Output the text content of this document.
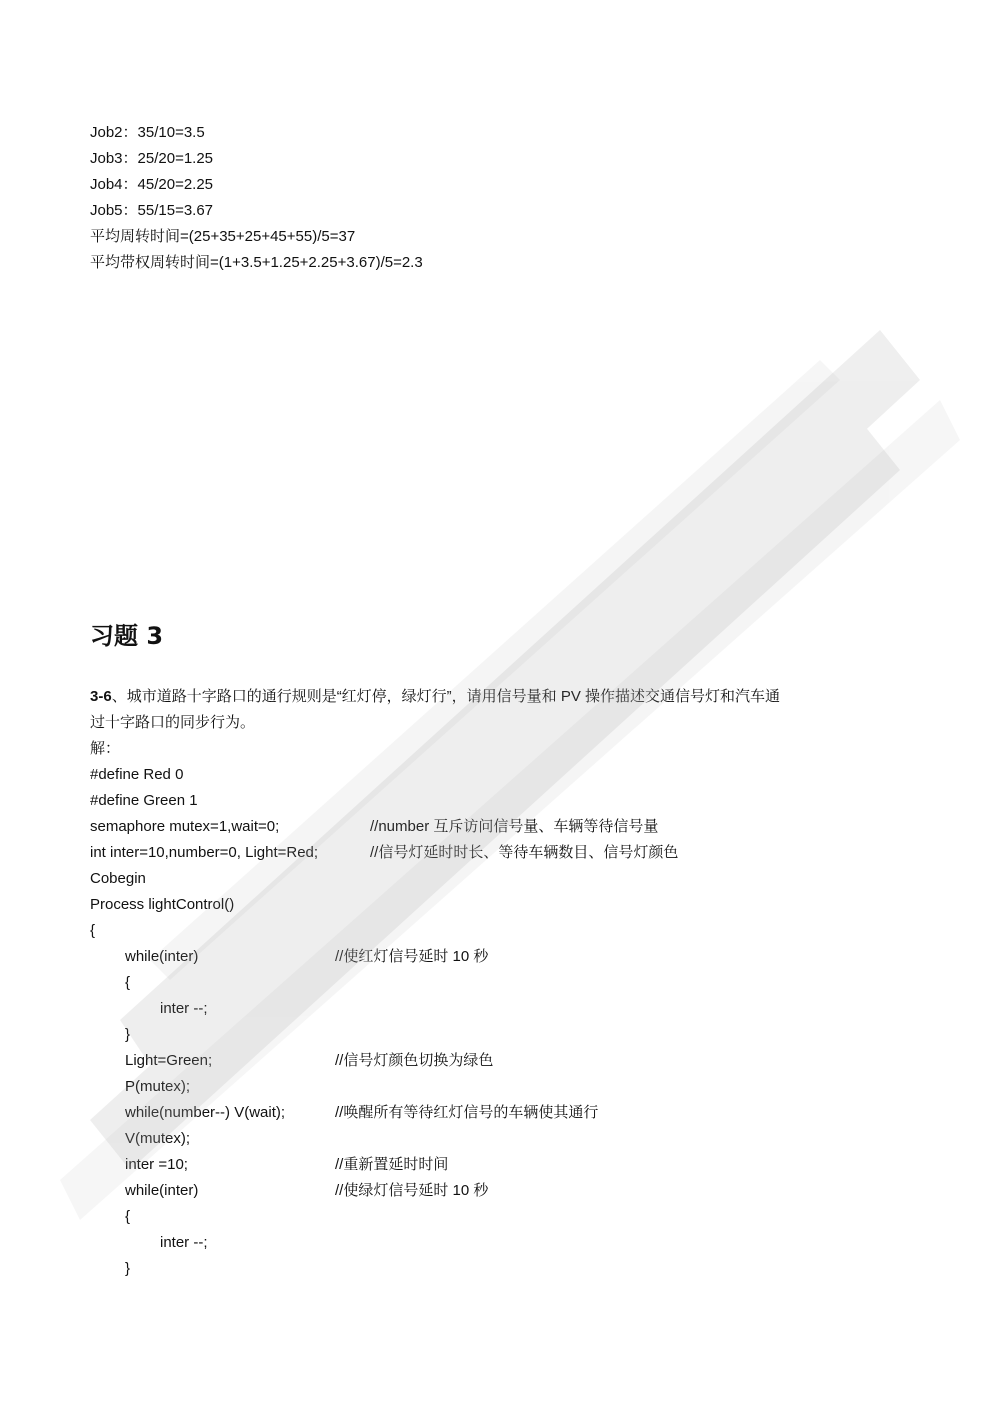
Job2：35/10=3.5
Job3：25/20=1.25
Job4：45/20=2.25
Job5：55/15=3.67
平均周转时间=(25+35+25+45+55)/5=37
平均带权周转时间=(1+3.5+1.25+2.25+3.67)/5=2.3
习题 3
3-6、城市道路十字路口的通行规则是“红灯停，绿灯行”，请用信号量和 PV 操作描述交通信号灯和汽车通
过十字路口的同步行为。
解：
#define Red 0
#define Green 1
semaphore mutex=1,wait=0;	//number 互斥访问信号量、车辆等待信号量
int inter=10,number=0, Light=Red;	//信号灯延时时长、等待车辆数目、信号灯颜色
Cobegin
Process lightControl()
{
while(inter)	//使红灯信号延时 10 秒
{
inter --;
}
Light=Green;	//信号灯颜色切换为绿色
P(mutex);
while(number--) V(wait);	//唤醒所有等待红灯信号的车辆使其通行
V(mutex);
inter =10;	//重新置延时时间
while(inter)	//使绿灯信号延时 10 秒
{
inter --;
}
